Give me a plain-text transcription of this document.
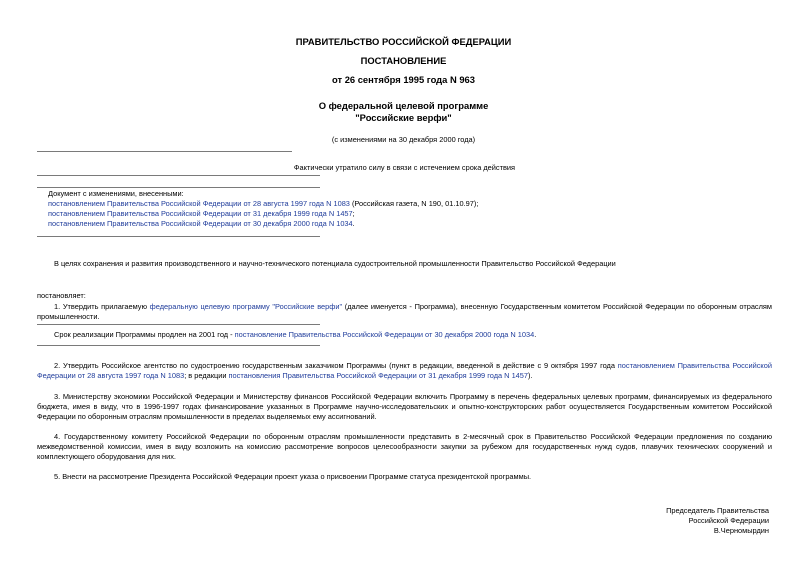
ПРАВИТЕЛЬСТВО РОССИЙСКОЙ ФЕДЕРАЦИИ
ПОСТАНОВЛЕНИЕ
от 26 сентября 1995 года N 963
О федеральной целевой программе
"Российские верфи"
(с изменениями на 30 декабря 2000 года)
Фактически утратило силу в связи с истечением срока действия
Документ с изменениями, внесенными:
постановлением Правительства Российской Федерации от 28 августа 1997 года N 1083 (Российская газета, N 190, 01.10.97);
постановлением Правительства Российской Федерации от 31 декабря 1999 года N 1457;
постановлением Правительства Российской Федерации от 30 декабря 2000 года N 1034.
В целях сохранения и развития производственного и научно-технического потенциала судостроительной промышленности Правительство Российской Федерации
постановляет:
1. Утвердить прилагаемую федеральную целевую программу "Российские верфи" (далее именуется - Программа), внесенную Государственным комитетом Российской Федерации по оборонным отраслям промышленности.
Срок реализации Программы продлен на 2001 год - постановление Правительства Российской Федерации от 30 декабря 2000 года N 1034.
2. Утвердить Российское агентство по судостроению государственным заказчиком Программы (пункт в редакции, введенной в действие с 9 октября 1997 года постановлением Правительства Российской Федерации от 28 августа 1997 года N 1083; в редакции постановления Правительства Российской Федерации от 31 декабря 1999 года N 1457).
3. Министерству экономики Российской Федерации и Министерству финансов Российской Федерации включить Программу в перечень федеральных целевых программ, финансируемых из федерального бюджета, имея в виду, что в 1996-1997 годах финансирование указанных в Программе научно-исследовательских и опытно-конструкторских работ осуществляется Государственным комитетом Российской Федерации по оборонным отраслям промышленности в пределах выделяемых ему ассигнований.
4. Государственному комитету Российской Федерации по оборонным отраслям промышленности представить в 2-месячный срок в Правительство Российской Федерации предложения по созданию межведомственной комиссии, имея в виду возложить на комиссию рассмотрение вопросов целесообразности закупки за рубежом для государственных нужд судов, плавучих технических сооружений и комплектующего оборудования для них.
5. Внести на рассмотрение Президента Российской Федерации проект указа о присвоении Программе статуса президентской программы.
Председатель Правительства
Российской Федерации
В.Черномырдин
